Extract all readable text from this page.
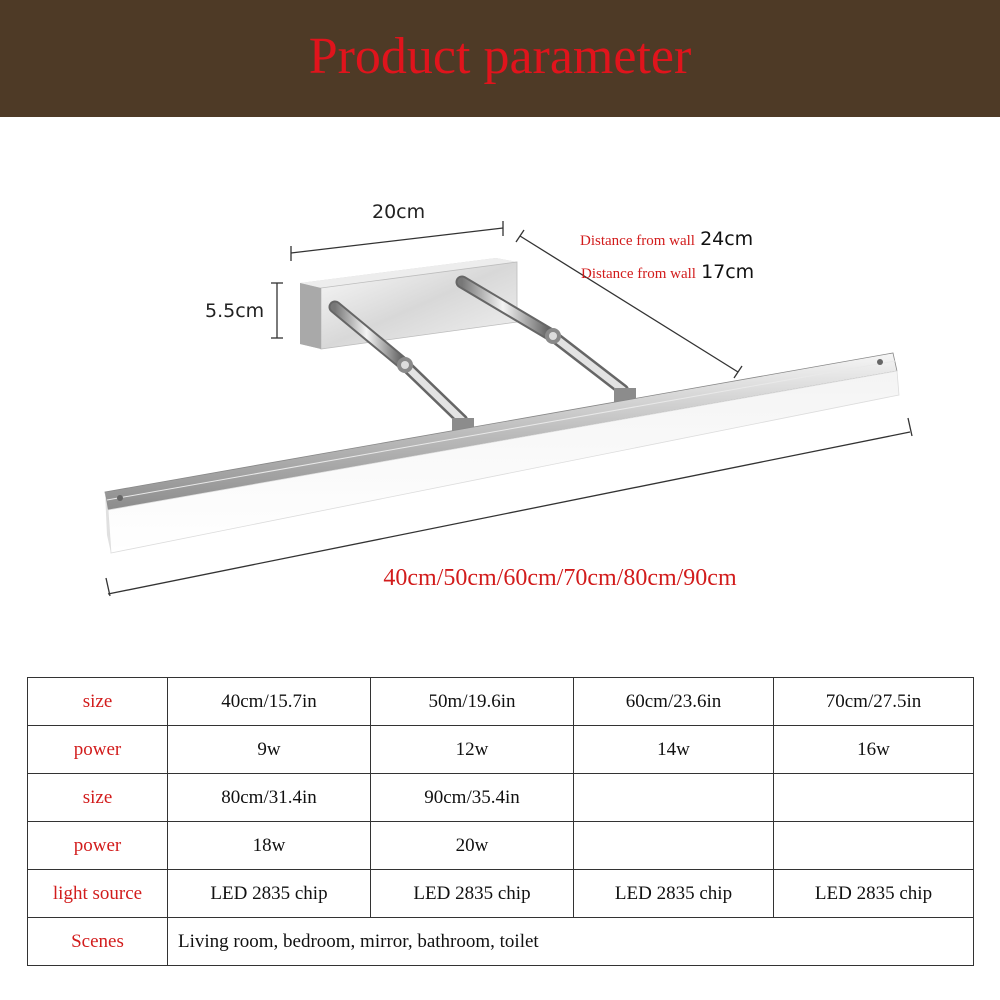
Product parameter
20cm
5.5cm
Distance from wall 24cm
Distance from wall 17cm
40cm/50cm/60cm/70cm/80cm/90cm
size	40cm/15.7in	50m/19.6in	60cm/23.6in	70cm/27.5in
power	9w	12w	14w	16w
size	80cm/31.4in	90cm/35.4in		
power	18w	20w		
light source	LED 2835 chip	LED 2835 chip	LED 2835 chip	LED 2835 chip
Scenes	Living room, bedroom, mirror, bathroom, toilet			
